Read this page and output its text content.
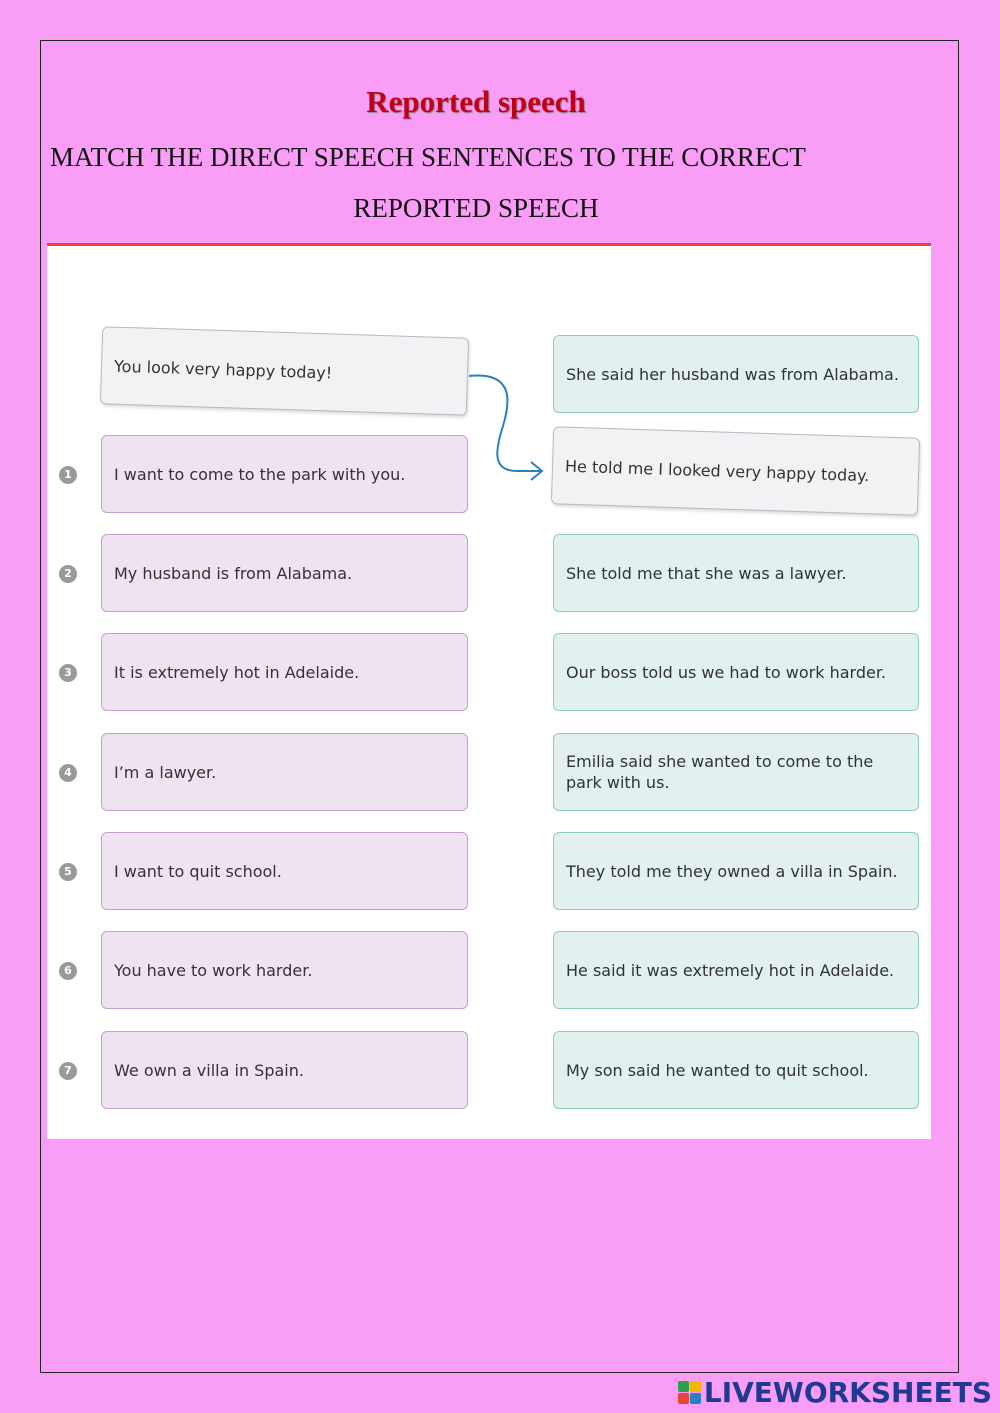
Reported speech
MATCH THE DIRECT SPEECH SENTENCES TO THE CORRECT
REPORTED SPEECH
You look very happy today!
He told me I looked very happy today.
1	I want to come to the park with you.
2	My husband is from Alabama.
3	It is extremely hot in Adelaide.
4	I’m a lawyer.
5	I want to quit school.
6	You have to work harder.
7	We own a villa in Spain.
She said her husband was from Alabama.
She told me that she was a lawyer.
Our boss told us we had to work harder.
Emilia said she wanted to come to the park with us.
They told me they owned a villa in Spain.
He said it was extremely hot in Adelaide.
My son said he wanted to quit school.
LIVEWORKSHEETS
